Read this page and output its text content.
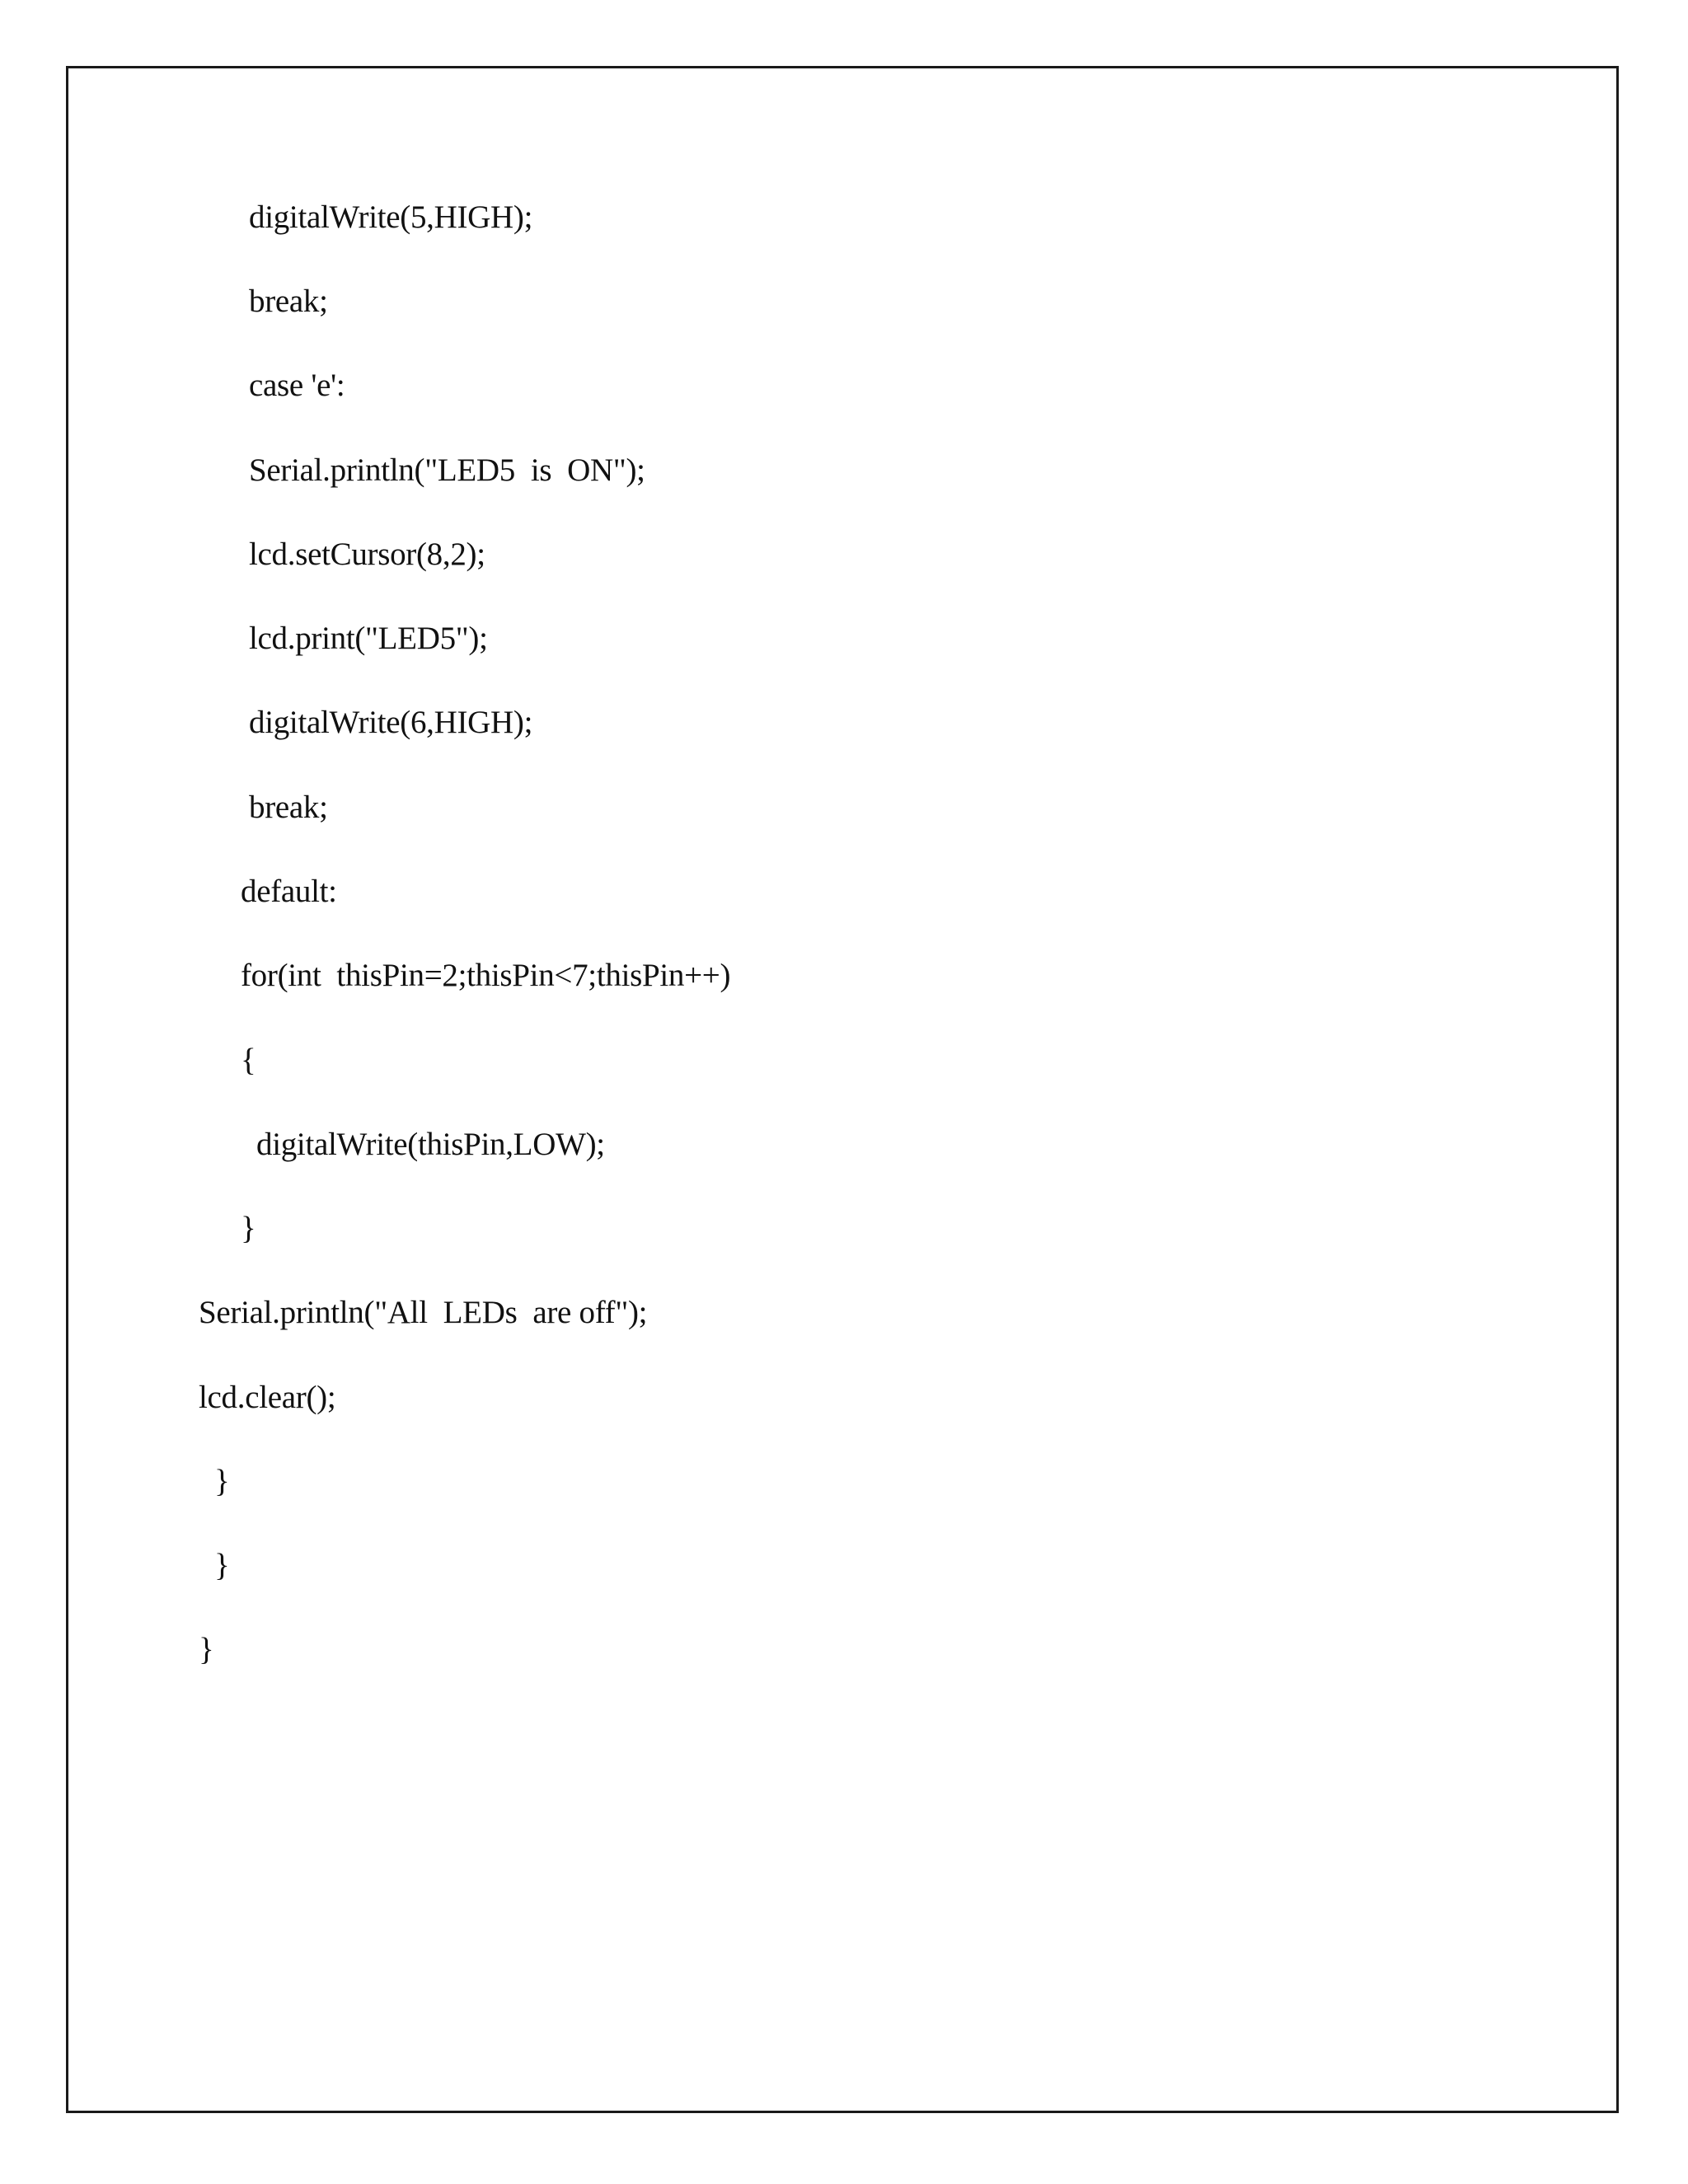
digitalWrite(5,HIGH);
break;
case 'e':
Serial.println("LED5  is  ON");
lcd.setCursor(8,2);
lcd.print("LED5");
digitalWrite(6,HIGH);
break;
default:
for(int  thisPin=2;thisPin<7;thisPin++)
{
digitalWrite(thisPin,LOW);
}
Serial.println("All  LEDs  are off");
lcd.clear();
}
}
}
